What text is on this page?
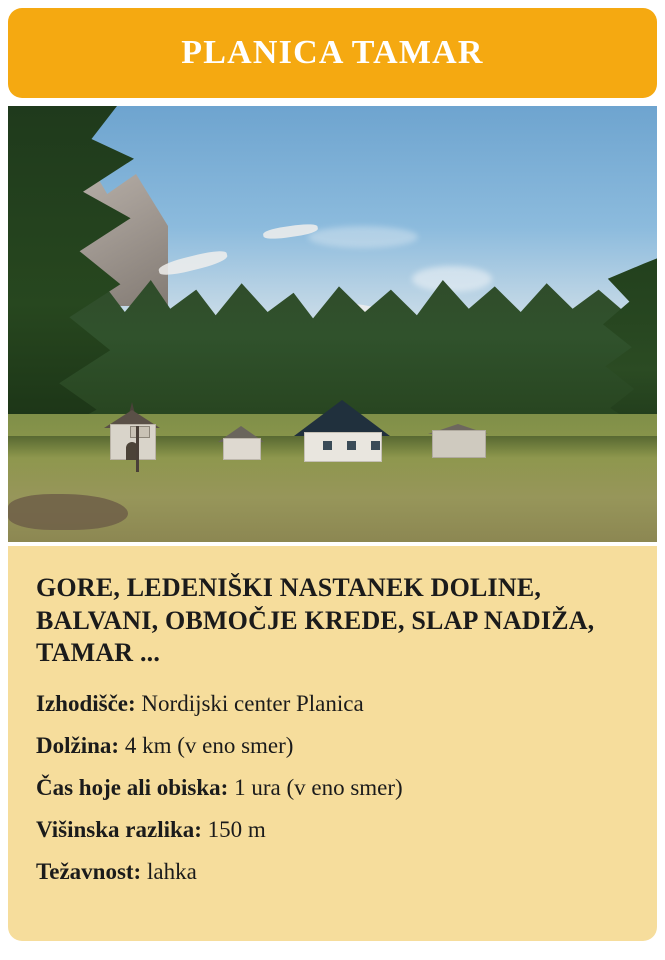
PLANICA TAMAR
GORE, LEDENIŠKI NASTANEK DOLINE, BALVANI, OBMOČJE KREDE, SLAP NADIŽA, TAMAR ...
Izhodišče: Nordijski center Planica
Dolžina: 4 km (v eno smer)
Čas hoje ali obiska: 1 ura (v eno smer)
Višinska razlika: 150 m
Težavnost: lahka
